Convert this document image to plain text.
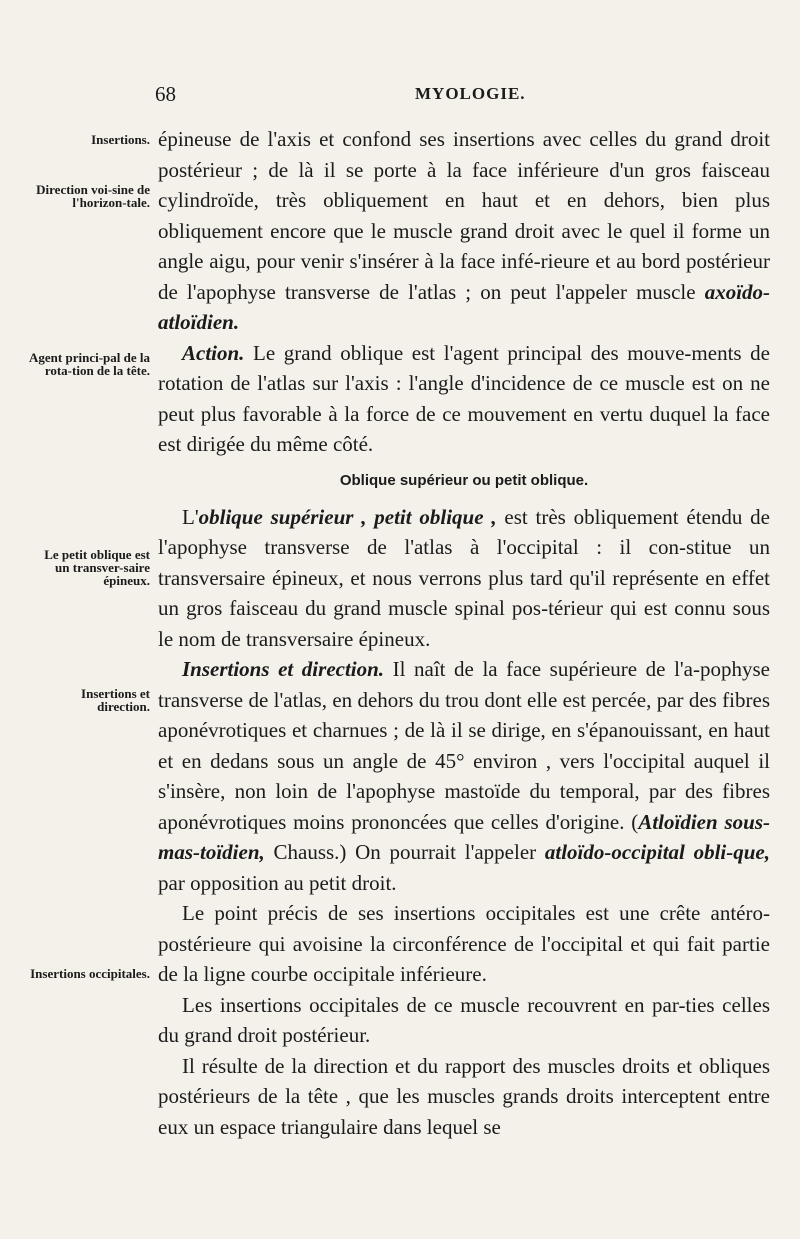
68	MYOLOGIE.
Insertions.
Direction voi-sine de l'horizon-tale.
Agent princi-pal de la rota-tion de la tête.
Le petit oblique est un transver-saire épineux.
Insertions et direction.
Insertions occipitales.

épineuse de l'axis et confond ses insertions avec celles du grand droit postérieur ; de là il se porte à la face inférieure d'un gros faisceau cylindroïde, très obliquement en haut et en dehors, bien plus obliquement encore que le muscle grand droit avec le quel il forme un angle aigu, pour venir s'insérer à la face infé-rieure et au bord postérieur de l'apophyse transverse de l'atlas ; on peut l'appeler muscle axoïdo-atloïdien.

Action. Le grand oblique est l'agent principal des mouve-ments de rotation de l'atlas sur l'axis : l'angle d'incidence de ce muscle est on ne peut plus favorable à la force de ce mouvement en vertu duquel la face est dirigée du même côté.

Oblique supérieur ou petit oblique.

L'oblique supérieur , petit oblique , est très obliquement étendu de l'apophyse transverse de l'atlas à l'occipital : il con-stitue un transversaire épineux, et nous verrons plus tard qu'il représente en effet un gros faisceau du grand muscle spinal pos-térieur qui est connu sous le nom de transversaire épineux.

Insertions et direction. Il naît de la face supérieure de l'a-pophyse transverse de l'atlas, en dehors du trou dont elle est percée, par des fibres aponévrotiques et charnues ; de là il se dirige, en s'épanouissant, en haut et en dedans sous un angle de 45° environ , vers l'occipital auquel il s'insère, non loin de l'apophyse mastoïde du temporal, par des fibres aponévrotiques moins prononcées que celles d'origine. (Atloïdien sous-mas-toïdien, Chauss.) On pourrait l'appeler atloïdo-occipital obli-que, par opposition au petit droit.

Le point précis de ses insertions occipitales est une crête antéro-postérieure qui avoisine la circonférence de l'occipital et qui fait partie de la ligne courbe occipitale inférieure.

Les insertions occipitales de ce muscle recouvrent en par-ties celles du grand droit postérieur.

Il résulte de la direction et du rapport des muscles droits et obliques postérieurs de la tête , que les muscles grands droits interceptent entre eux un espace triangulaire dans lequel se
